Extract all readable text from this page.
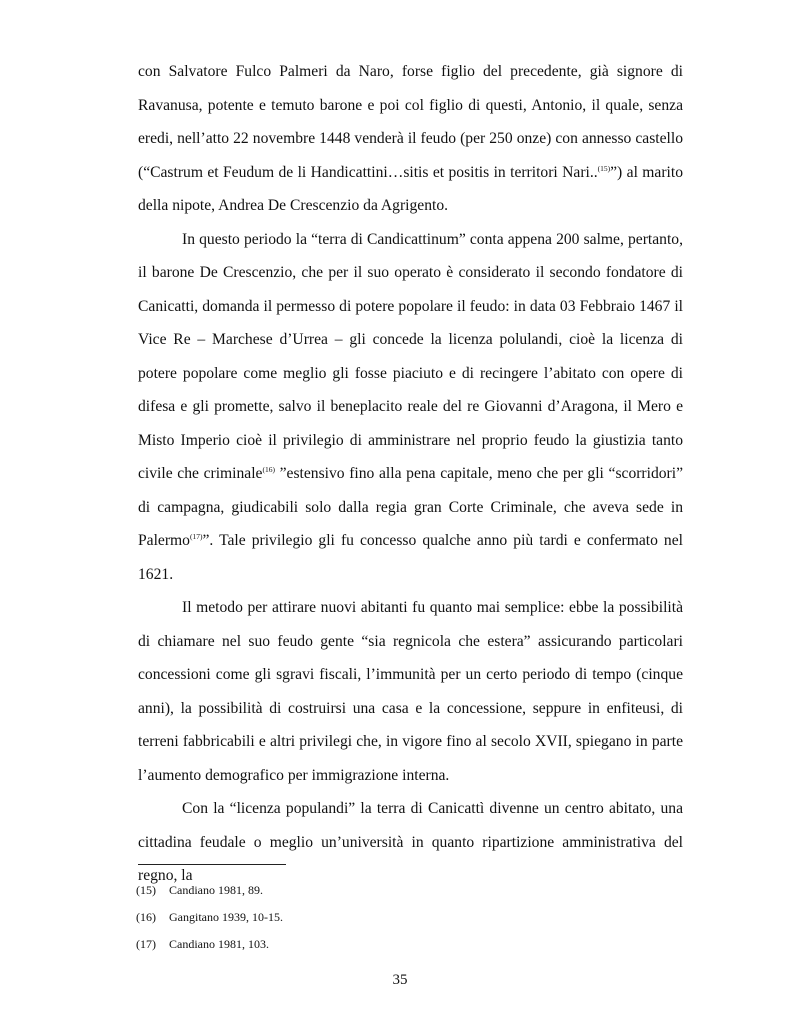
con Salvatore Fulco Palmeri da Naro, forse figlio del precedente, già signore di Ravanusa, potente e temuto barone e poi col figlio di questi, Antonio, il quale, senza eredi, nell’atto 22 novembre 1448 venderà il feudo (per 250 onze) con annesso castello (“Castrum et Feudum de li Handicattini…sitis et positis in territori Nari..$^{(15)}$”) al marito della nipote, Andrea De Crescenzio da Agrigento.

In questo periodo la “terra di Candicattinum” conta appena 200 salme, pertanto, il barone De Crescenzio, che per il suo operato è considerato il secondo fondatore di Canicatti, domanda il permesso di potere popolare il feudo: in data 03 Febbraio 1467 il Vice Re – Marchese d’Urrea – gli concede la licenza polulandi, cioè la licenza di potere popolare come meglio gli fosse piaciuto e di recingere l’abitato con opere di difesa e gli promette, salvo il beneplacito reale del re Giovanni d’Aragona, il Mero e Misto Imperio cioè il privilegio di amministrare nel proprio feudo la giustizia tanto civile che criminale$^{(16)}$ ”estensivo fino alla pena capitale, meno che per gli “scorridori” di campagna, giudicabili solo dalla regia gran Corte Criminale, che aveva sede in Palermo$^{(17)}$”. Tale privilegio gli fu concesso qualche anno più tardi e confermato nel 1621.

Il metodo per attirare nuovi abitanti fu quanto mai semplice: ebbe la possibilità di chiamare nel suo feudo gente “sia regnicola che estera” assicurando particolari concessioni come gli sgravi fiscali, l’immunità per un certo periodo di tempo (cinque anni), la possibilità di costruirsi una casa e la concessione, seppure in enfiteusi, di terreni fabbricabili e altri privilegi che, in vigore fino al secolo XVII, spiegano in parte l’aumento demografico per immigrazione interna.

Con la “licenza populandi” la terra di Canicattì divenne un centro abitato, una cittadina feudale o meglio un’università in quanto ripartizione amministrativa del regno, la

(15) Candiano 1981, 89.
(16) Gangitano 1939, 10-15.
(17) Candiano 1981, 103.
35
